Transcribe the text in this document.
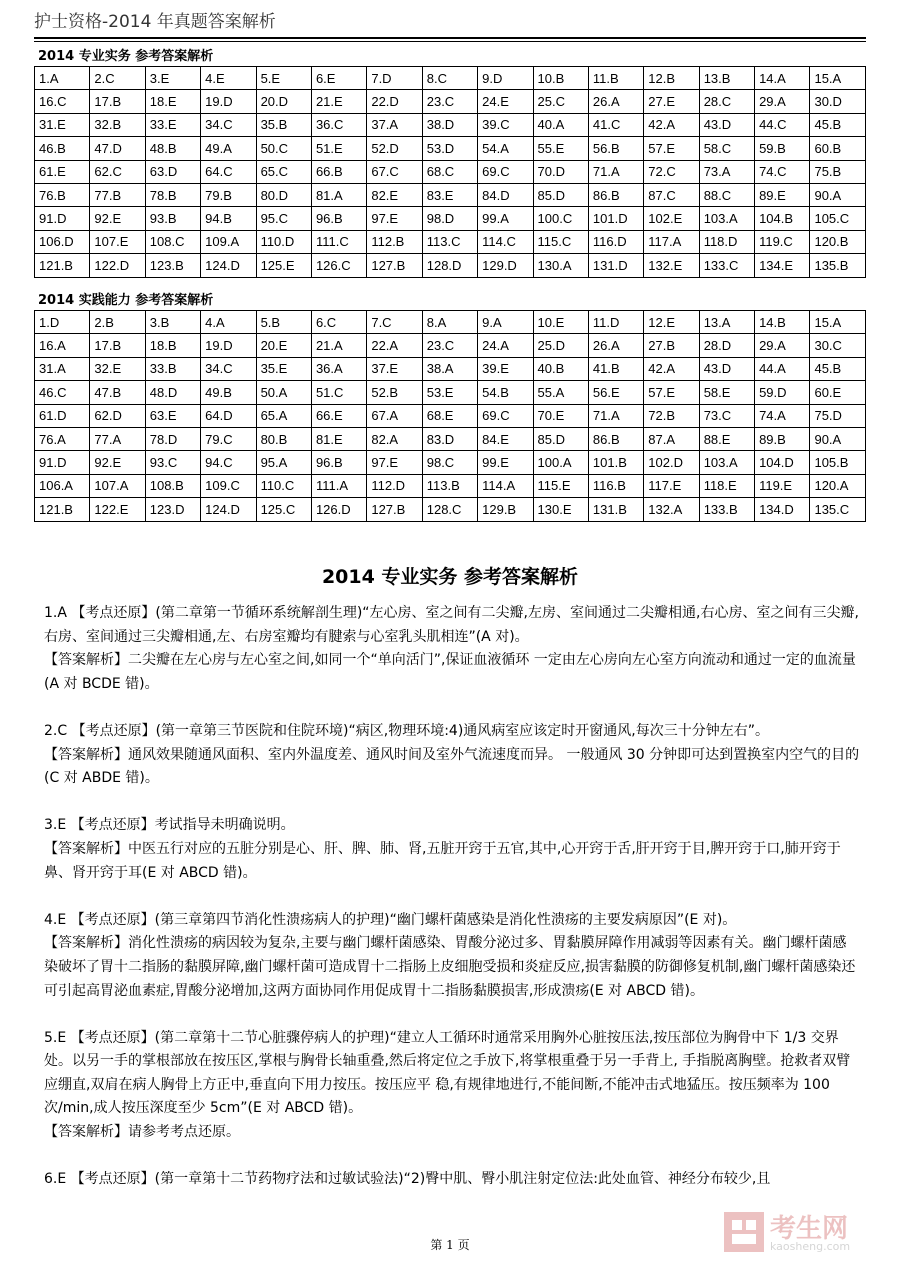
护士资格-2014 年真题答案解析
2014 专业实务 参考答案解析
1.A	2.C	3.E	4.E	5.E	6.E	7.D	8.C	9.D	10.B	11.B	12.B	13.B	14.A	15.A
16.C	17.B	18.E	19.D	20.D	21.E	22.D	23.C	24.E	25.C	26.A	27.E	28.C	29.A	30.D
31.E	32.B	33.E	34.C	35.B	36.C	37.A	38.D	39.C	40.A	41.C	42.A	43.D	44.C	45.B
46.B	47.D	48.B	49.A	50.C	51.E	52.D	53.D	54.A	55.E	56.B	57.E	58.C	59.B	60.B
61.E	62.C	63.D	64.C	65.C	66.B	67.C	68.C	69.C	70.D	71.A	72.C	73.A	74.C	75.B
76.B	77.B	78.B	79.B	80.D	81.A	82.E	83.E	84.D	85.D	86.B	87.C	88.C	89.E	90.A
91.D	92.E	93.B	94.B	95.C	96.B	97.E	98.D	99.A	100.C	101.D	102.E	103.A	104.B	105.C
106.D	107.E	108.C	109.A	110.D	111.C	112.B	113.C	114.C	115.C	116.D	117.A	118.D	119.C	120.B
121.B	122.D	123.B	124.D	125.E	126.C	127.B	128.D	129.D	130.A	131.D	132.E	133.C	134.E	135.B
2014 实践能力 参考答案解析
1.D	2.B	3.B	4.A	5.B	6.C	7.C	8.A	9.A	10.E	11.D	12.E	13.A	14.B	15.A
16.A	17.B	18.B	19.D	20.E	21.A	22.A	23.C	24.A	25.D	26.A	27.B	28.D	29.A	30.C
31.A	32.E	33.B	34.C	35.E	36.A	37.E	38.A	39.E	40.B	41.B	42.A	43.D	44.A	45.B
46.C	47.B	48.D	49.B	50.A	51.C	52.B	53.E	54.B	55.A	56.E	57.E	58.E	59.D	60.E
61.D	62.D	63.E	64.D	65.A	66.E	67.A	68.E	69.C	70.E	71.A	72.B	73.C	74.A	75.D
76.A	77.A	78.D	79.C	80.B	81.E	82.A	83.D	84.E	85.D	86.B	87.A	88.E	89.B	90.A
91.D	92.E	93.C	94.C	95.A	96.B	97.E	98.C	99.E	100.A	101.B	102.D	103.A	104.D	105.B
106.A	107.A	108.B	109.C	110.C	111.A	112.D	113.B	114.A	115.E	116.B	117.E	118.E	119.E	120.A
121.B	122.E	123.D	124.D	125.C	126.D	127.B	128.C	129.B	130.E	131.B	132.A	133.B	134.D	135.C
2014 专业实务 参考答案解析

1.A 【考点还原】(第二章第一节循环系统解剖生理)“左心房、室之间有二尖瓣,左房、室间通过二尖瓣相通,右心房、室之间有三尖瓣,右房、室间通过三尖瓣相通,左、右房室瓣均有腱索与心室乳头肌相连”(A 对)。

【答案解析】二尖瓣在左心房与左心室之间,如同一个“单向活门”,保证血液循环 一定由左心房向左心室方向流动和通过一定的血流量(A 对 BCDE 错)。

2.C 【考点还原】(第一章第三节医院和住院环境)“病区,物理环境:4)通风病室应该定时开窗通风,每次三十分钟左右”。

【答案解析】通风效果随通风面积、室内外温度差、通风时间及室外气流速度而异。 一般通风 30 分钟即可达到置换室内空气的目的(C 对 ABDE 错)。

3.E 【考点还原】考试指导未明确说明。

【答案解析】中医五行对应的五脏分别是心、肝、脾、肺、肾,五脏开窍于五官,其中,心开窍于舌,肝开窍于目,脾开窍于口,肺开窍于鼻、肾开窍于耳(E 对 ABCD 错)。

4.E 【考点还原】(第三章第四节消化性溃疡病人的护理)“幽门螺杆菌感染是消化性溃疡的主要发病原因”(E 对)。

【答案解析】消化性溃疡的病因较为复杂,主要与幽门螺杆菌感染、胃酸分泌过多、胃黏膜屏障作用减弱等因素有关。幽门螺杆菌感染破坏了胃十二指肠的黏膜屏障,幽门螺杆菌可造成胃十二指肠上皮细胞受损和炎症反应,损害黏膜的防御修复机制,幽门螺杆菌感染还可引起高胃泌血素症,胃酸分泌增加,这两方面协同作用促成胃十二指肠黏膜损害,形成溃疡(E 对 ABCD 错)。

5.E 【考点还原】(第二章第十二节心脏骤停病人的护理)“建立人工循环时通常采用胸外心脏按压法,按压部位为胸骨中下 1/3 交界处。以另一手的掌根部放在按压区,掌根与胸骨长轴重叠,然后将定位之手放下,将掌根重叠于另一手背上, 手指脱离胸壁。抢救者双臂应绷直,双肩在病人胸骨上方正中,垂直向下用力按压。按压应平 稳,有规律地进行,不能间断,不能冲击式地猛压。按压频率为 100 次/min,成人按压深度至少 5cm”(E 对 ABCD 错)。

【答案解析】请参考考点还原。

6.E 【考点还原】(第一章第十二节药物疗法和过敏试验法)“2)臀中肌、臀小肌注射定位法:此处血管、神经分布较少,且

考生网
kaosheng.com
第 1 页
